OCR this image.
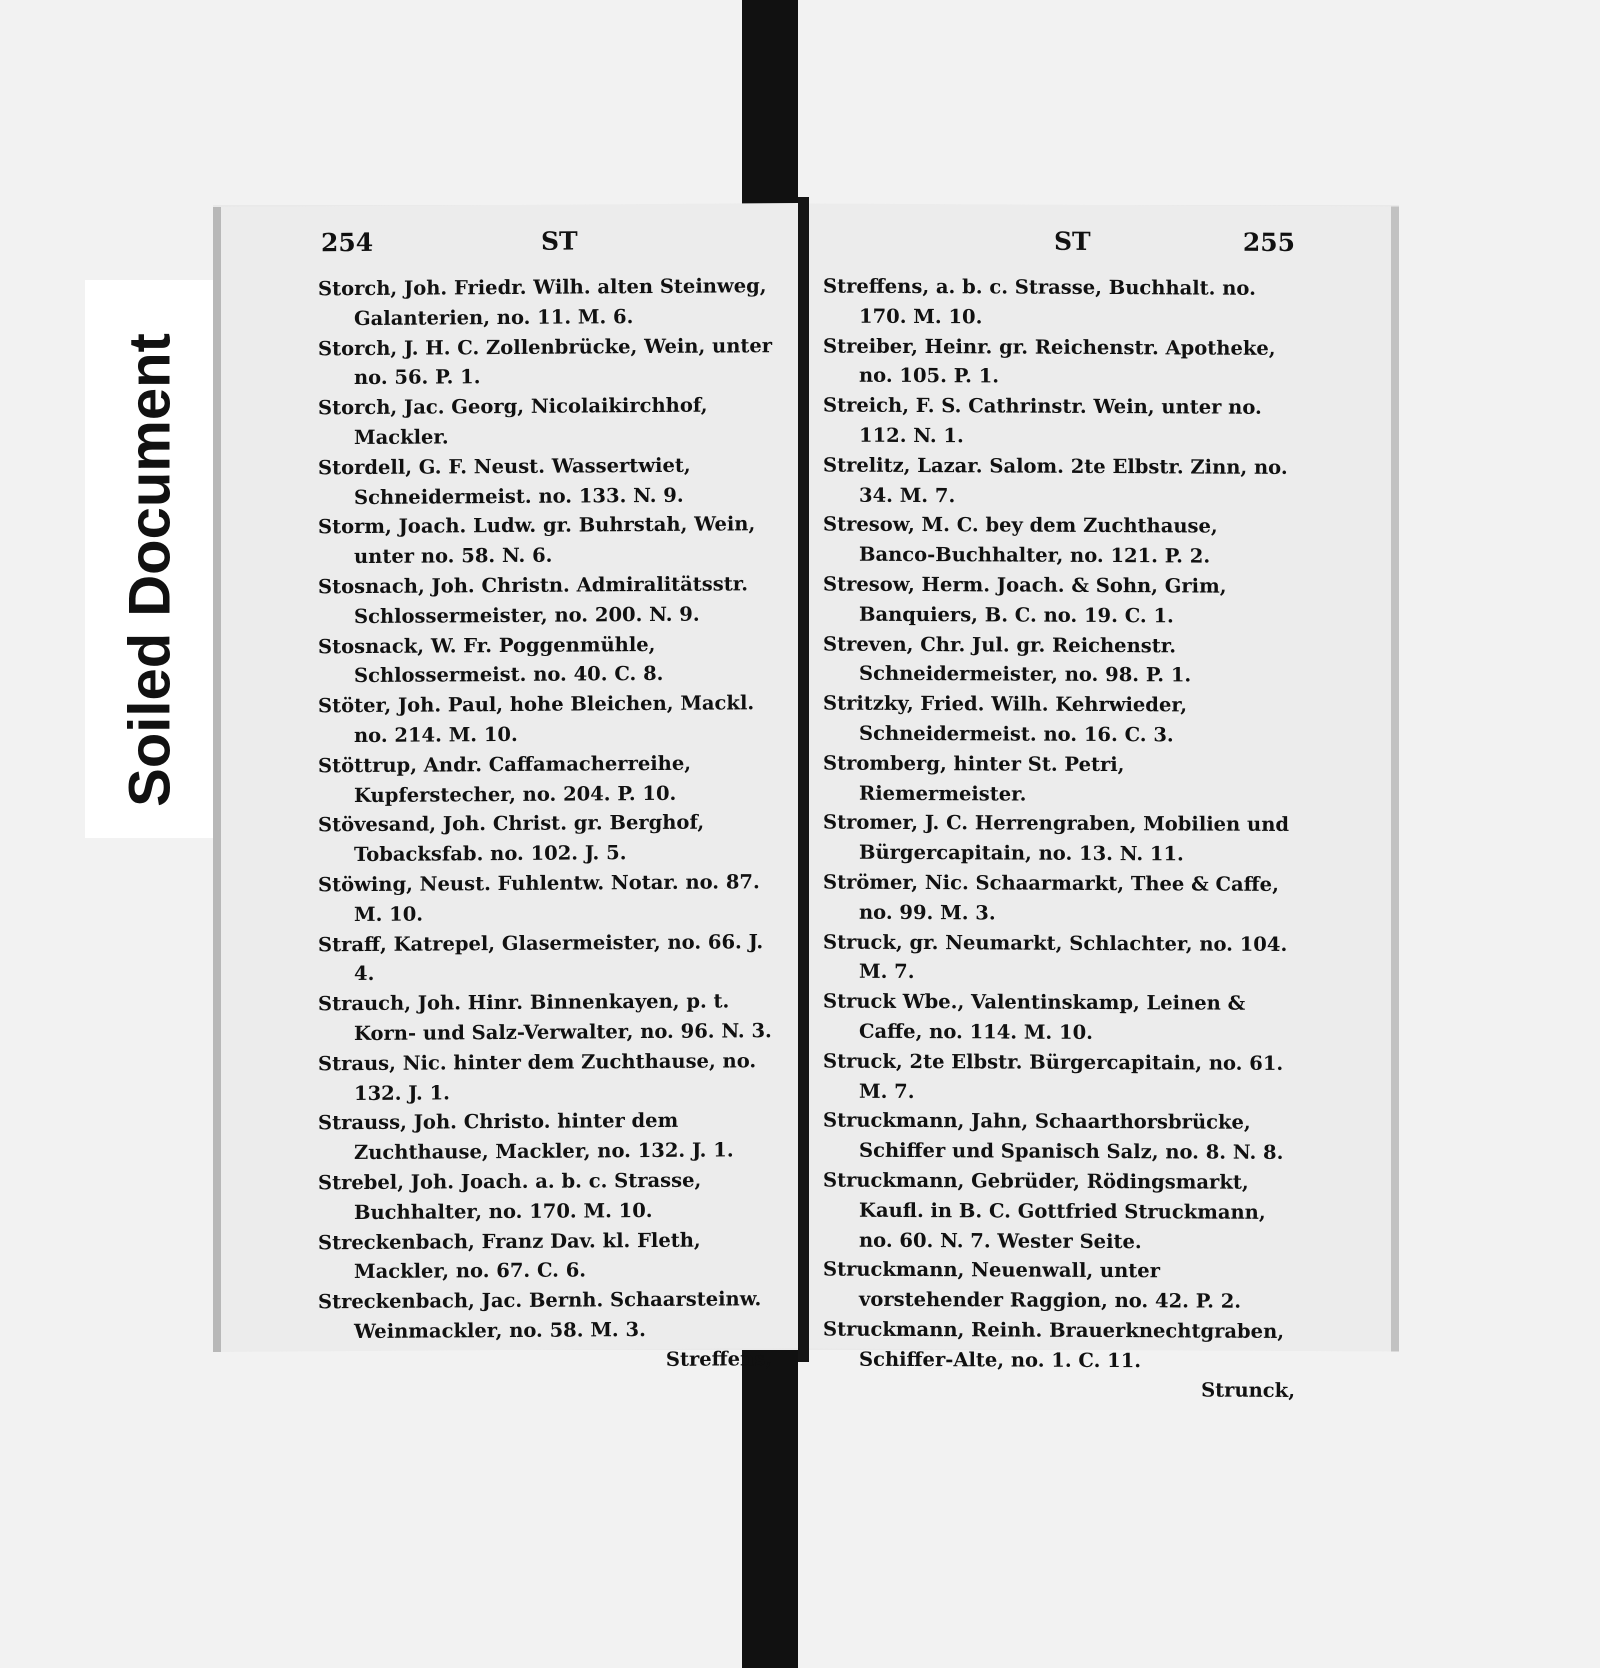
Soiled Document
254	ST
Storch, Joh. Friedr. Wilh. alten Steinweg, Galanterien, no. 11. M. 6.
Storch, J. H. C. Zollenbrücke, Wein, unter no. 56. P. 1.
Storch, Jac. Georg, Nicolaikirchhof, Mackler.
Stordell, G. F. Neust. Wassertwiet, Schneidermeist. no. 133. N. 9.
Storm, Joach. Ludw. gr. Buhrstah, Wein, unter no. 58. N. 6.
Stosnach, Joh. Christn. Admiralitätsstr. Schlossermeister, no. 200. N. 9.
Stosnack, W. Fr. Poggenmühle, Schlossermeist. no. 40. C. 8.
Stöter, Joh. Paul, hohe Bleichen, Mackl. no. 214. M. 10.
Stöttrup, Andr. Caffamacherreihe, Kupferstecher, no. 204. P. 10.
Stövesand, Joh. Christ. gr. Berghof, Tobacksfab. no. 102. J. 5.
Stöwing, Neust. Fuhlentw. Notar. no. 87. M. 10.
Straff, Katrepel, Glasermeister, no. 66. J. 4.
Strauch, Joh. Hinr. Binnenkayen, p. t. Korn- und Salz-Verwalter, no. 96. N. 3.
Straus, Nic. hinter dem Zuchthause, no. 132. J. 1.
Strauss, Joh. Christo. hinter dem Zuchthause, Mackler, no. 132. J. 1.
Strebel, Joh. Joach. a. b. c. Strasse, Buchhalter, no. 170. M. 10.
Streckenbach, Franz Dav. kl. Fleth, Mackler, no. 67. C. 6.
Streckenbach, Jac. Bernh. Schaarsteinw. Weinmackler, no. 58. M. 3.
Streffens,
ST	255
Streffens, a. b. c. Strasse, Buchhalt. no. 170. M. 10.
Streiber, Heinr. gr. Reichenstr. Apotheke, no. 105. P. 1.
Streich, F. S. Cathrinstr. Wein, unter no. 112. N. 1.
Strelitz, Lazar. Salom. 2te Elbstr. Zinn, no. 34. M. 7.
Stresow, M. C. bey dem Zuchthause, Banco-Buchhalter, no. 121. P. 2.
Stresow, Herm. Joach. & Sohn, Grim, Banquiers, B. C. no. 19. C. 1.
Streven, Chr. Jul. gr. Reichenstr. Schneidermeister, no. 98. P. 1.
Stritzky, Fried. Wilh. Kehrwieder, Schneidermeist. no. 16. C. 3.
Stromberg, hinter St. Petri, Riemermeister.
Stromer, J. C. Herrengraben, Mobilien und Bürgercapitain, no. 13. N. 11.
Strömer, Nic. Schaarmarkt, Thee & Caffe, no. 99. M. 3.
Struck, gr. Neumarkt, Schlachter, no. 104. M. 7.
Struck Wbe., Valentinskamp, Leinen & Caffe, no. 114. M. 10.
Struck, 2te Elbstr. Bürgercapitain, no. 61. M. 7.
Struckmann, Jahn, Schaarthorsbrücke, Schiffer und Spanisch Salz, no. 8. N. 8.
Struckmann, Gebrüder, Rödingsmarkt, Kaufl. in B. C. Gottfried Struckmann, no. 60. N. 7. Wester Seite.
Struckmann, Neuenwall, unter vorstehender Raggion, no. 42. P. 2.
Struckmann, Reinh. Brauerknechtgraben, Schiffer-Alte, no. 1. C. 11.
Strunck,
